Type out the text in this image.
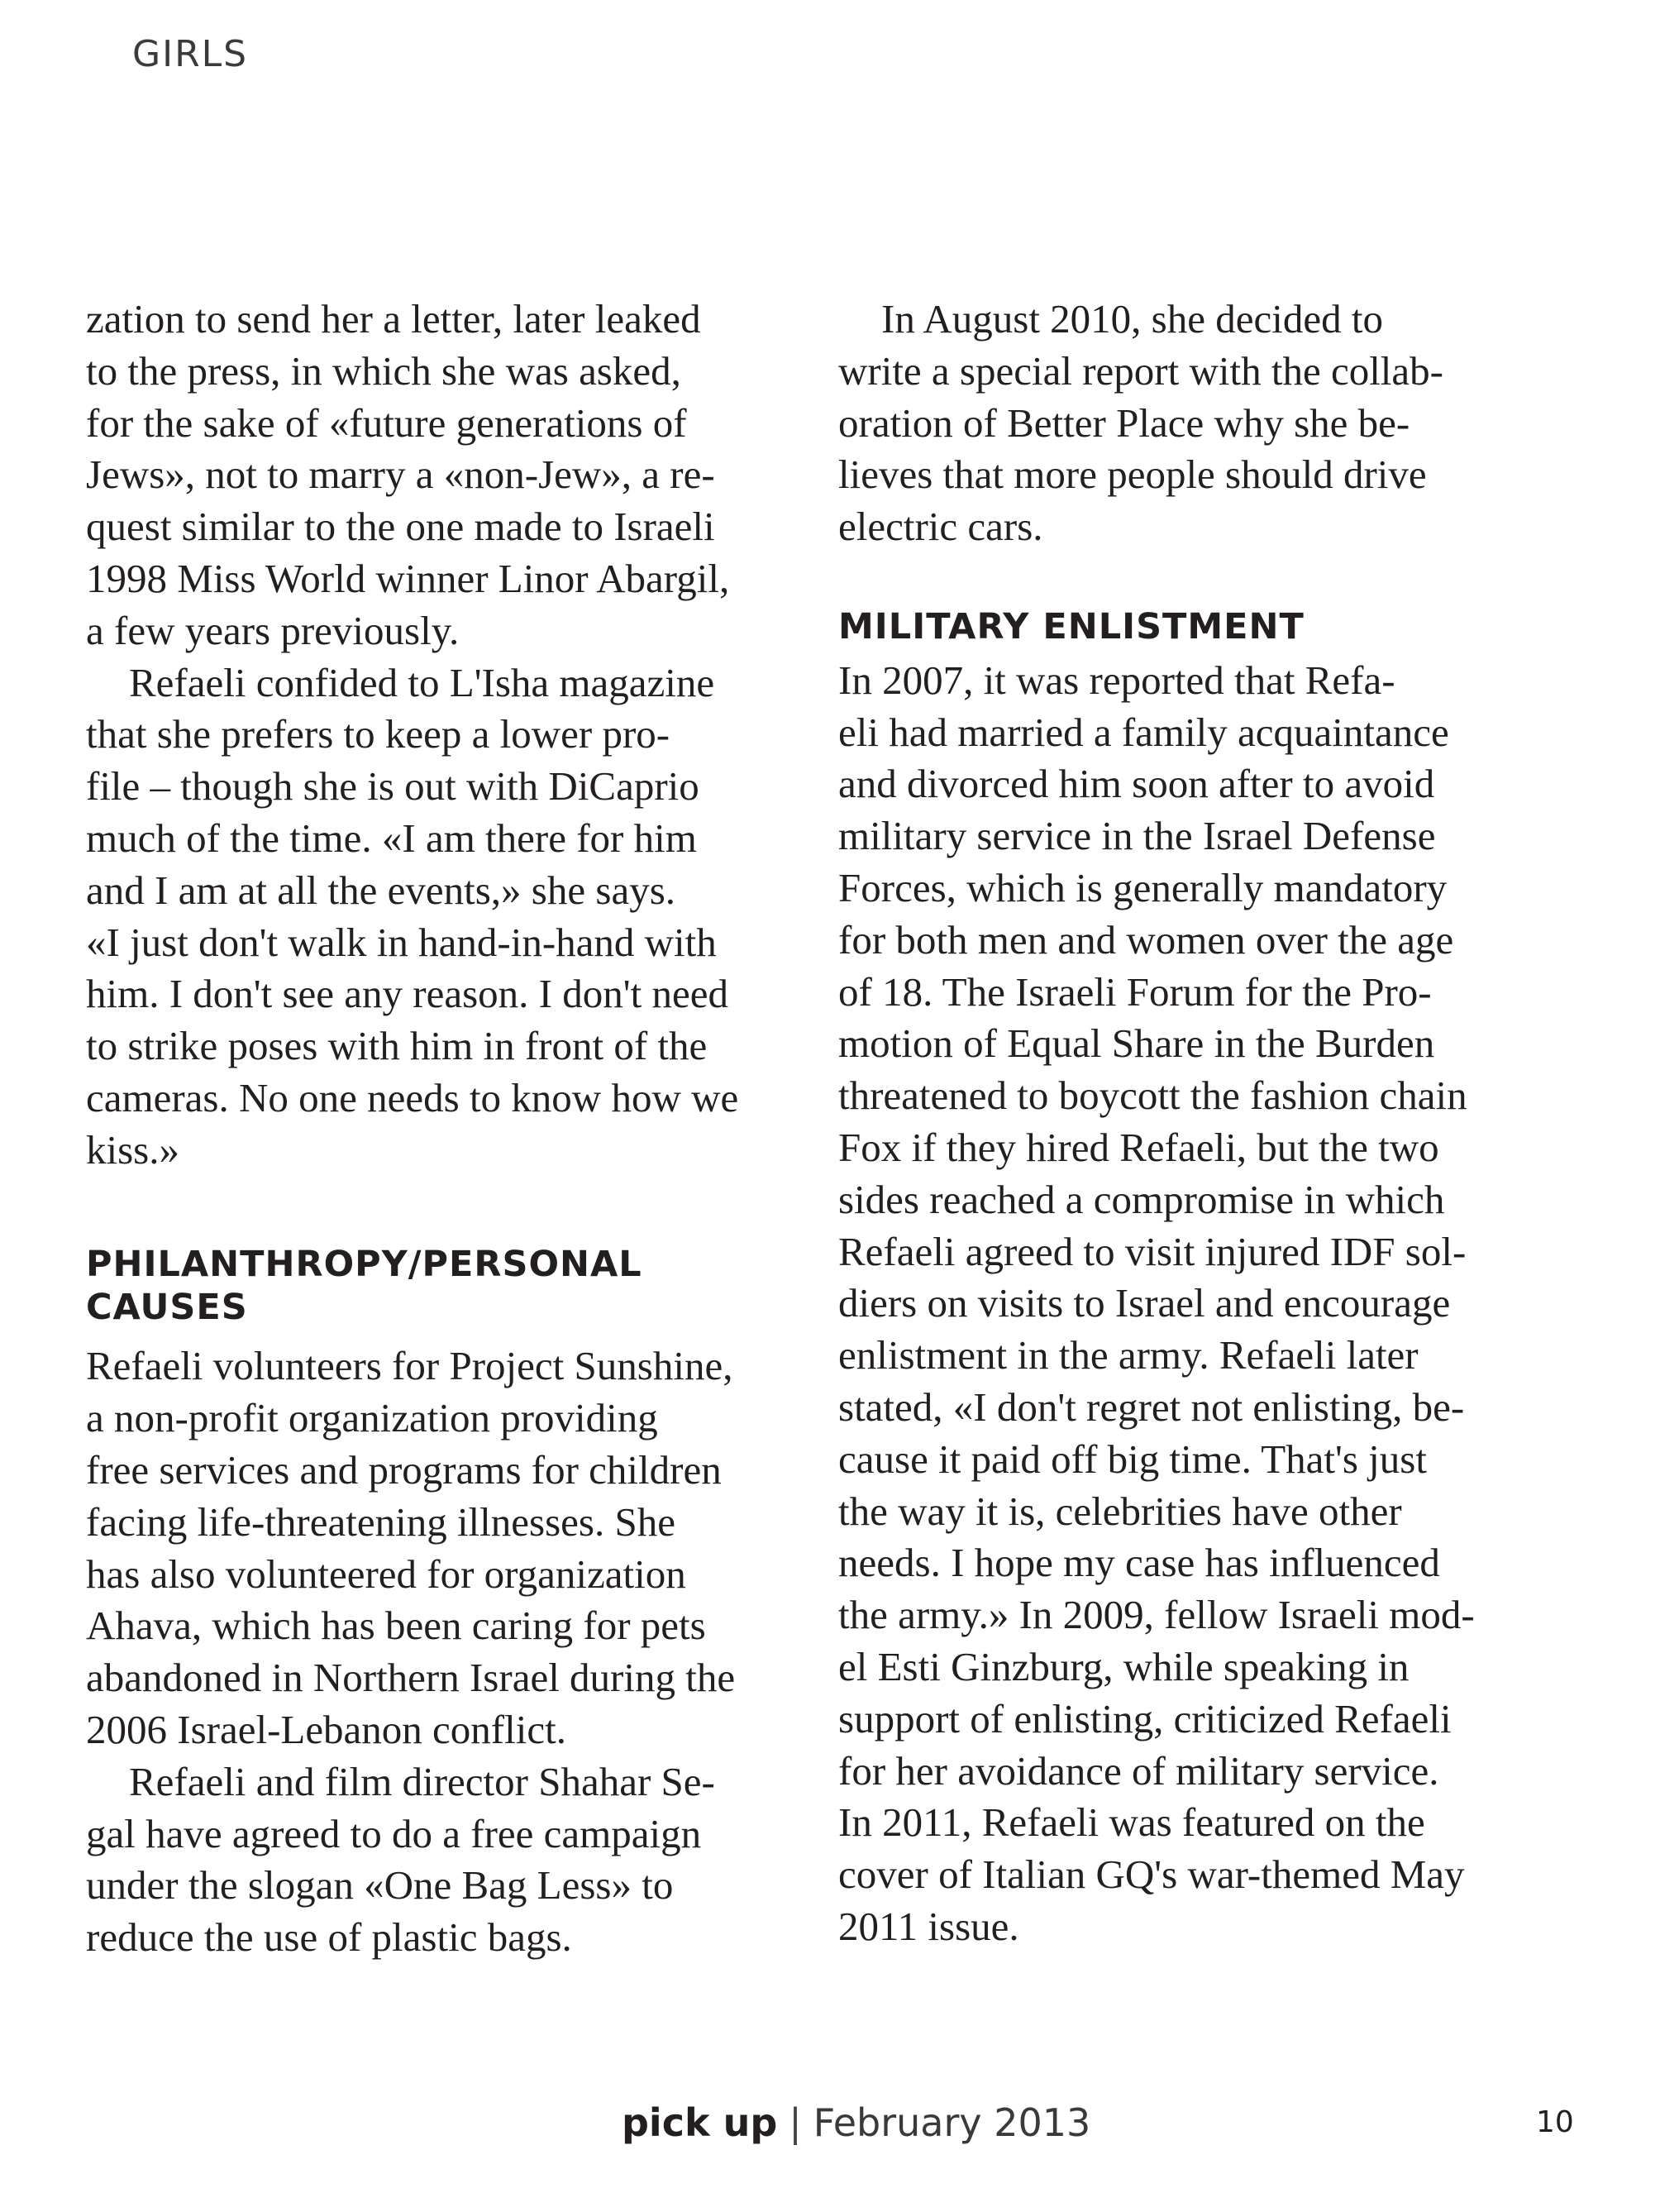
GIRLS
zation to send her a letter, later leaked
to the press, in which she was asked,
for the sake of «future generations of
Jews», not to marry a «non-Jew», a re-
quest similar to the one made to Israeli
1998 Miss World winner Linor Abargil,
a few years previously.
Refaeli confided to L'Isha magazine
that she prefers to keep a lower pro-
file – though she is out with DiCaprio
much of the time. «I am there for him
and I am at all the events,» she says.
«I just don't walk in hand-in-hand with
him. I don't see any reason. I don't need
to strike poses with him in front of the
cameras. No one needs to know how we
kiss.»
PHILANTHROPY/PERSONAL
CAUSES
Refaeli volunteers for Project Sunshine,
a non-profit organization providing
free services and programs for children
facing life-threatening illnesses. She
has also volunteered for organization
Ahava, which has been caring for pets
abandoned in Northern Israel during the
2006 Israel-Lebanon conflict.
Refaeli and film director Shahar Se-
gal have agreed to do a free campaign
under the slogan «One Bag Less» to
reduce the use of plastic bags.
In August 2010, she decided to
write a special report with the collab-
oration of Better Place why she be-
lieves that more people should drive
electric cars.
MILITARY ENLISTMENT
In 2007, it was reported that Refa-
eli had married a family acquaintance
and divorced him soon after to avoid
military service in the Israel Defense
Forces, which is generally mandatory
for both men and women over the age
of 18. The Israeli Forum for the Pro-
motion of Equal Share in the Burden
threatened to boycott the fashion chain
Fox if they hired Refaeli, but the two
sides reached a compromise in which
Refaeli agreed to visit injured IDF sol-
diers on visits to Israel and encourage
enlistment in the army. Refaeli later
stated, «I don't regret not enlisting, be-
cause it paid off big time. That's just
the way it is, celebrities have other
needs. I hope my case has influenced
the army.» In 2009, fellow Israeli mod-
el Esti Ginzburg, while speaking in
support of enlisting, criticized Refaeli
for her avoidance of military service.
In 2011, Refaeli was featured on the
cover of Italian GQ's war-themed May
2011 issue.
pick up | February 2013	10
